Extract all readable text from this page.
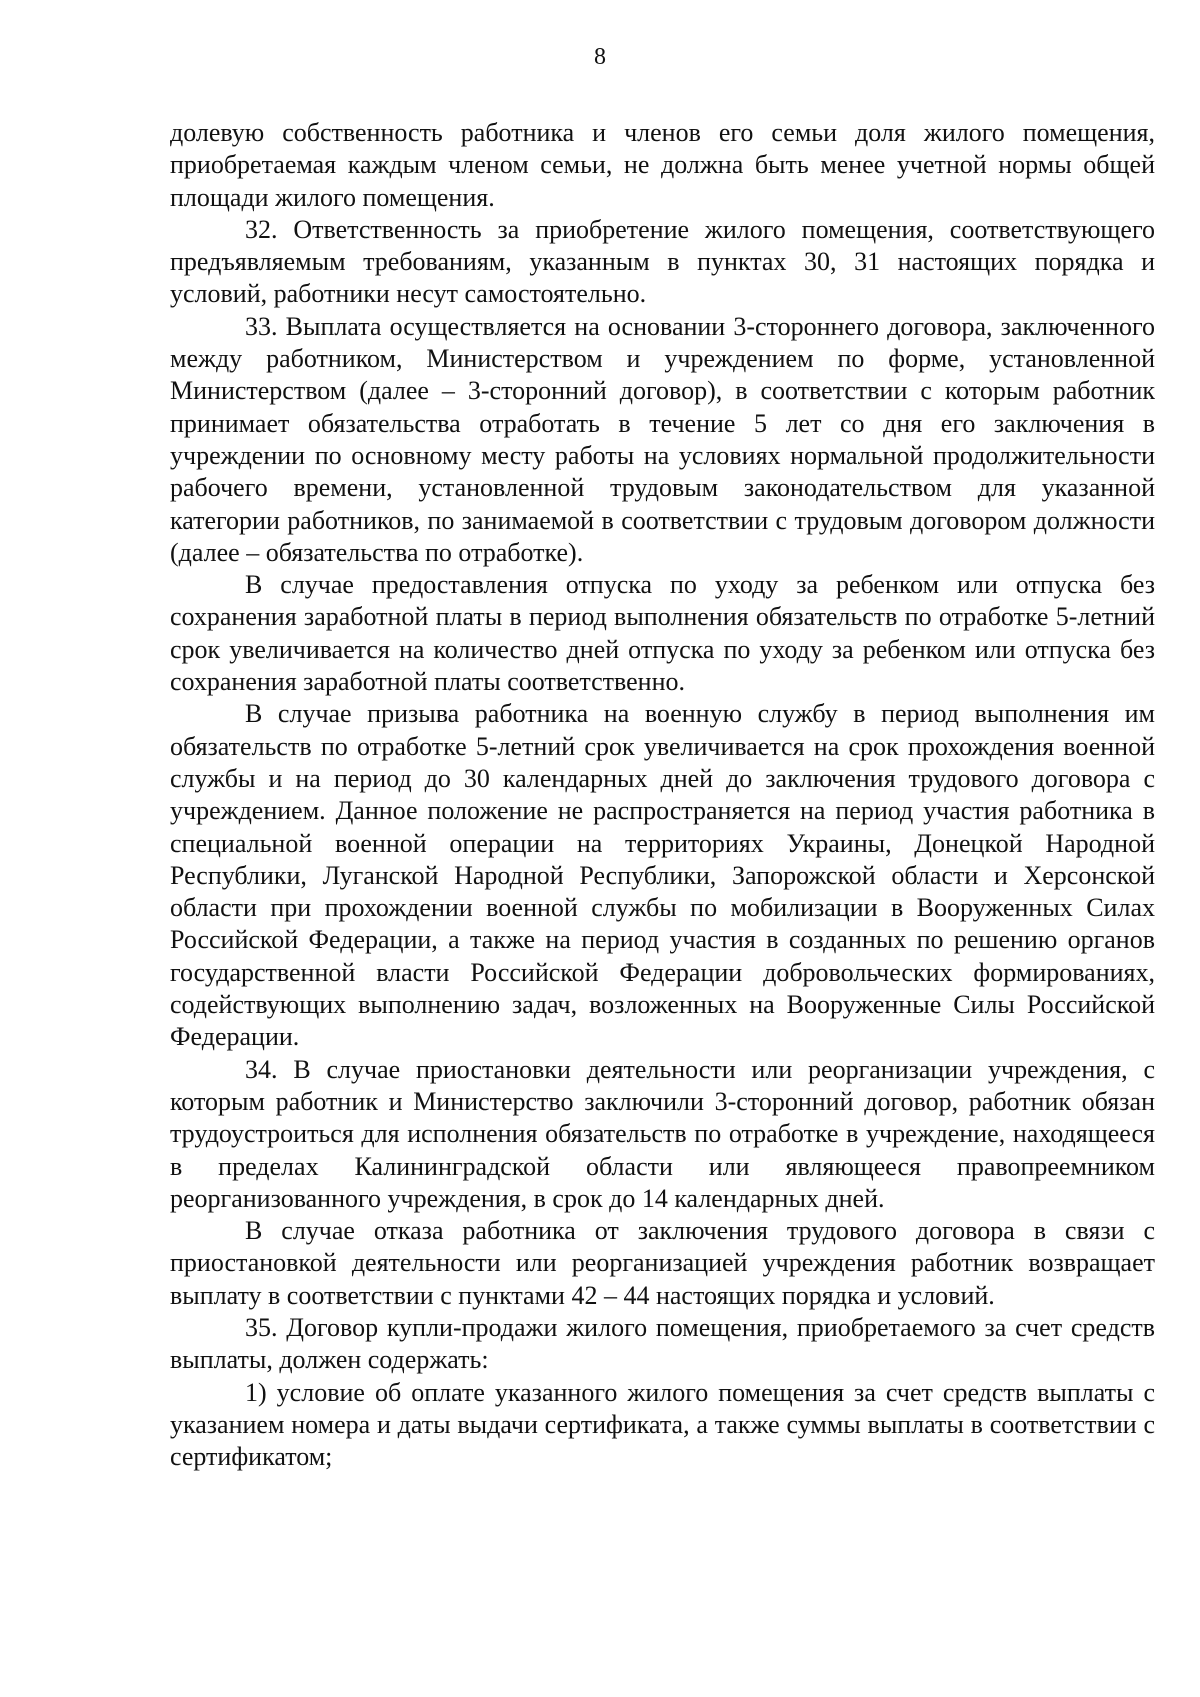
8

долевую собственность работника и членов его семьи доля жилого помещения, приобретаемая каждым членом семьи, не должна быть менее учетной нормы общей площади жилого помещения.

32. Ответственность за приобретение жилого помещения, соответствующего предъявляемым требованиям, указанным в пунктах 30, 31 настоящих порядка и условий, работники несут самостоятельно.

33. Выплата осуществляется на основании 3-стороннего договора, заключенного между работником, Министерством и учреждением по форме, установленной Министерством (далее – 3-сторонний договор), в соответствии с которым работник принимает обязательства отработать в течение 5 лет со дня его заключения в учреждении по основному месту работы на условиях нормальной продолжительности рабочего времени, установленной трудовым законодательством для указанной категории работников, по занимаемой в соответствии с трудовым договором должности (далее – обязательства по отработке).

В случае предоставления отпуска по уходу за ребенком или отпуска без сохранения заработной платы в период выполнения обязательств по отработке 5-летний срок увеличивается на количество дней отпуска по уходу за ребенком или отпуска без сохранения заработной платы соответственно.

В случае призыва работника на военную службу в период выполнения им обязательств по отработке 5-летний срок увеличивается на срок прохождения военной службы и на период до 30 календарных дней до заключения трудового договора с учреждением. Данное положение не распространяется на период участия работника в специальной военной операции на территориях Украины, Донецкой Народной Республики, Луганской Народной Республики, Запорожской области и Херсонской области при прохождении военной службы по мобилизации в Вооруженных Силах Российской Федерации, а также на период участия в созданных по решению органов государственной власти Российской Федерации добровольческих формированиях, содействующих выполнению задач, возложенных на Вооруженные Силы Российской Федерации.

34. В случае приостановки деятельности или реорганизации учреждения, с которым работник и Министерство заключили 3-сторонний договор, работник обязан трудоустроиться для исполнения обязательств по отработке в учреждение, находящееся в пределах Калининградской области или являющееся правопреемником реорганизованного учреждения, в срок до 14 календарных дней.

В случае отказа работника от заключения трудового договора в связи с приостановкой деятельности или реорганизацией учреждения работник возвращает выплату в соответствии с пунктами 42 – 44 настоящих порядка и условий.

35. Договор купли-продажи жилого помещения, приобретаемого за счет средств выплаты, должен содержать:

1) условие об оплате указанного жилого помещения за счет средств выплаты с указанием номера и даты выдачи сертификата, а также суммы выплаты в соответствии с сертификатом;
